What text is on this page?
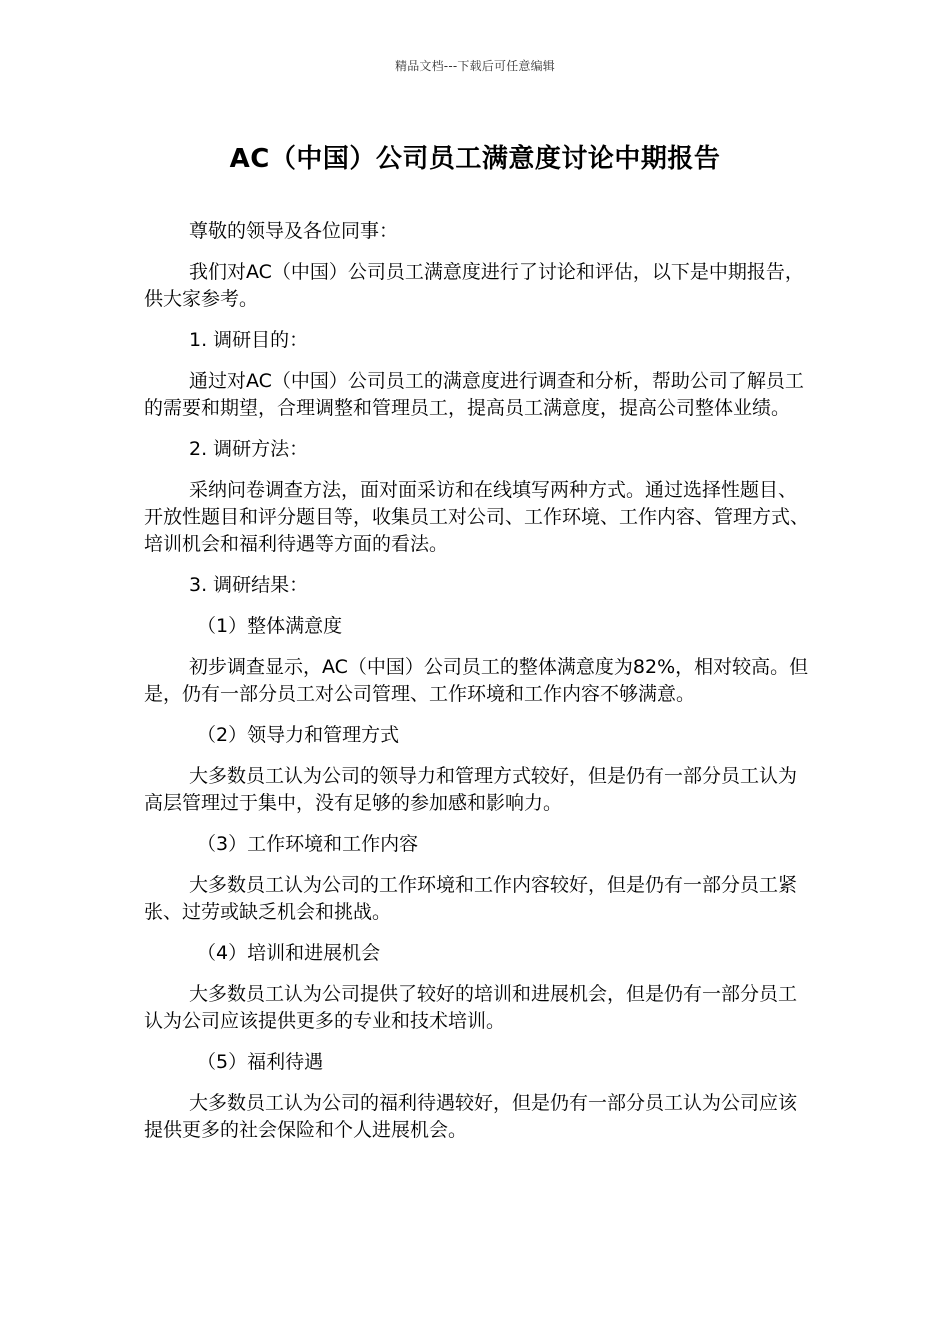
精品文档---下载后可任意编辑
AC（中国）公司员工满意度讨论中期报告

尊敬的领导及各位同事：

我们对AC（中国）公司员工满意度进行了讨论和评估，以下是中期报告，供大家参考。

1. 调研目的：

通过对AC（中国）公司员工的满意度进行调查和分析，帮助公司了解员工的需要和期望，合理调整和管理员工，提高员工满意度，提高公司整体业绩。

2. 调研方法：

采纳问卷调查方法，面对面采访和在线填写两种方式。通过选择性题目、开放性题目和评分题目等，收集员工对公司、工作环境、工作内容、管理方式、培训机会和福利待遇等方面的看法。

3. 调研结果：

（1）整体满意度

初步调查显示，AC（中国）公司员工的整体满意度为82%，相对较高。但是，仍有一部分员工对公司管理、工作环境和工作内容不够满意。

（2）领导力和管理方式

大多数员工认为公司的领导力和管理方式较好，但是仍有一部分员工认为高层管理过于集中，没有足够的参加感和影响力。

（3）工作环境和工作内容

大多数员工认为公司的工作环境和工作内容较好，但是仍有一部分员工紧张、过劳或缺乏机会和挑战。

（4）培训和进展机会

大多数员工认为公司提供了较好的培训和进展机会，但是仍有一部分员工认为公司应该提供更多的专业和技术培训。

（5）福利待遇

大多数员工认为公司的福利待遇较好，但是仍有一部分员工认为公司应该提供更多的社会保险和个人进展机会。
